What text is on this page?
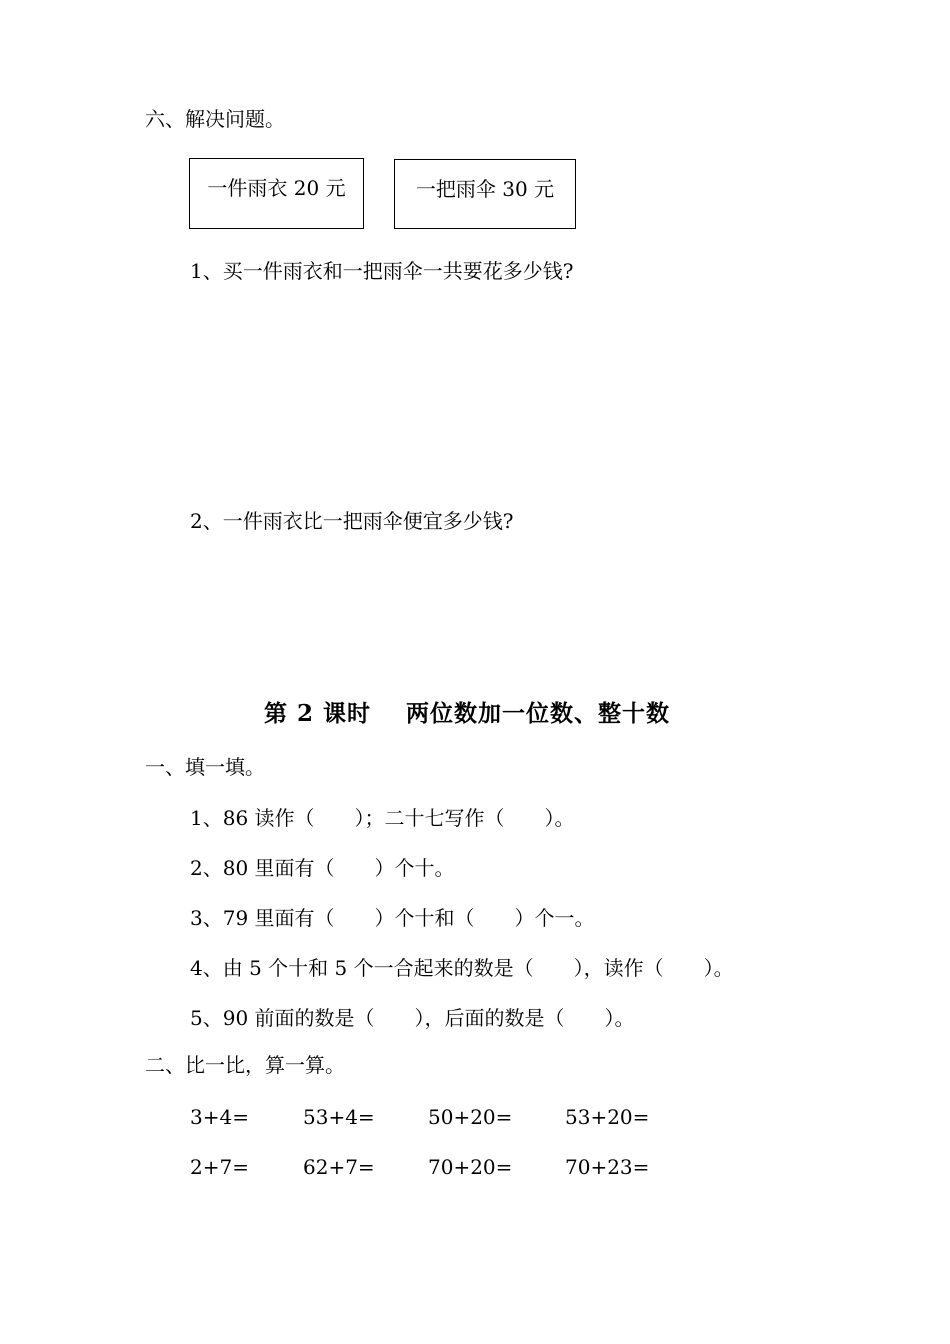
六、解决问题。
一件雨衣 20 元	一把雨伞 30 元
1、买一件雨衣和一把雨伞一共要花多少钱?
2、一件雨衣比一把雨伞便宜多少钱?
第 2 课时 两位数加一位数、整十数
一、填一填。
1、86 读作（　　）；二十七写作（　　）。
2、80 里面有（　　）个十。
3、79 里面有（　　）个十和（　　）个一。
4、由 5 个十和 5 个一合起来的数是（　　），读作（　　）。
5、90 前面的数是（　　），后面的数是（　　）。
二、比一比，算一算。
3+4=	53+4=	50+20=	53+20=
2+7=	62+7=	70+20=	70+23=
